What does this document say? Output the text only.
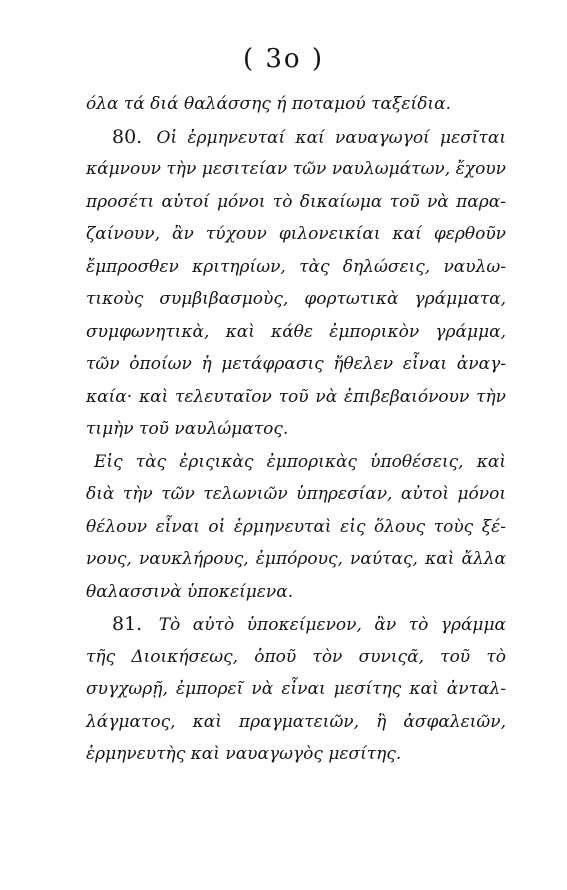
( 3o )
όλα τά διά θαλάσσης ή ποταμού ταξείδια.
80. Οἱ ἑρμηνευταί καί ναυαγωγοί μεσῖται
κάμνουν τὴν μεσιτείαν τῶν ναυλωμάτων, ἔχουν
προσέτι αὐτοί μόνοι τὸ δικαίωμα τοῦ νὰ παρα-
ζαίνουν, ἂν τύχουν φιλονεικίαι καί φερθοῦν
ἔμπροσθεν κριτηρίων, τὰς δηλώσεις, ναυλω-
τικοὺς συμβιβασμοὺς, φορτωτικὰ γράμματα,
συμφωνητικὰ, καὶ κάθε ἐμπορικὸν γράμμα,
τῶν ὁποίων ἡ μετάφρασις ἤθελεν εἶναι ἀναγ-
καία· καὶ τελευταῖον τοῦ νὰ ἐπιβεβαιόνουν τὴν
τιμὴν τοῦ ναυλώματος.
Εἰς τὰς ἐριςικὰς ἐμπορικὰς ὑποθέσεις, καὶ
διὰ τὴν τῶν τελωνιῶν ὑπηρεσίαν, αὐτοὶ μόνοι
θέλουν εἶναι οἱ ἑρμηνευταὶ εἰς ὅλους τοὺς ξέ-
νους, ναυκλήρους, ἐμπόρους, ναύτας, καὶ ἄλλα
θαλασσινὰ ὑποκείμενα.
81. Τὸ αὐτὸ ὑποκείμενον, ἂν τὸ γράμμα
τῆς Διοικήσεως, ὁποῦ τὸν συνιςᾶ, τοῦ τὸ
συγχωρῇ, ἐμπορεῖ νὰ εἶναι μεσίτης καὶ ἀνταλ-
λάγματος, καὶ πραγματειῶν, ἢ ἀσφαλειῶν,
ἑρμηνευτὴς καὶ ναυαγωγὸς μεσίτης.
